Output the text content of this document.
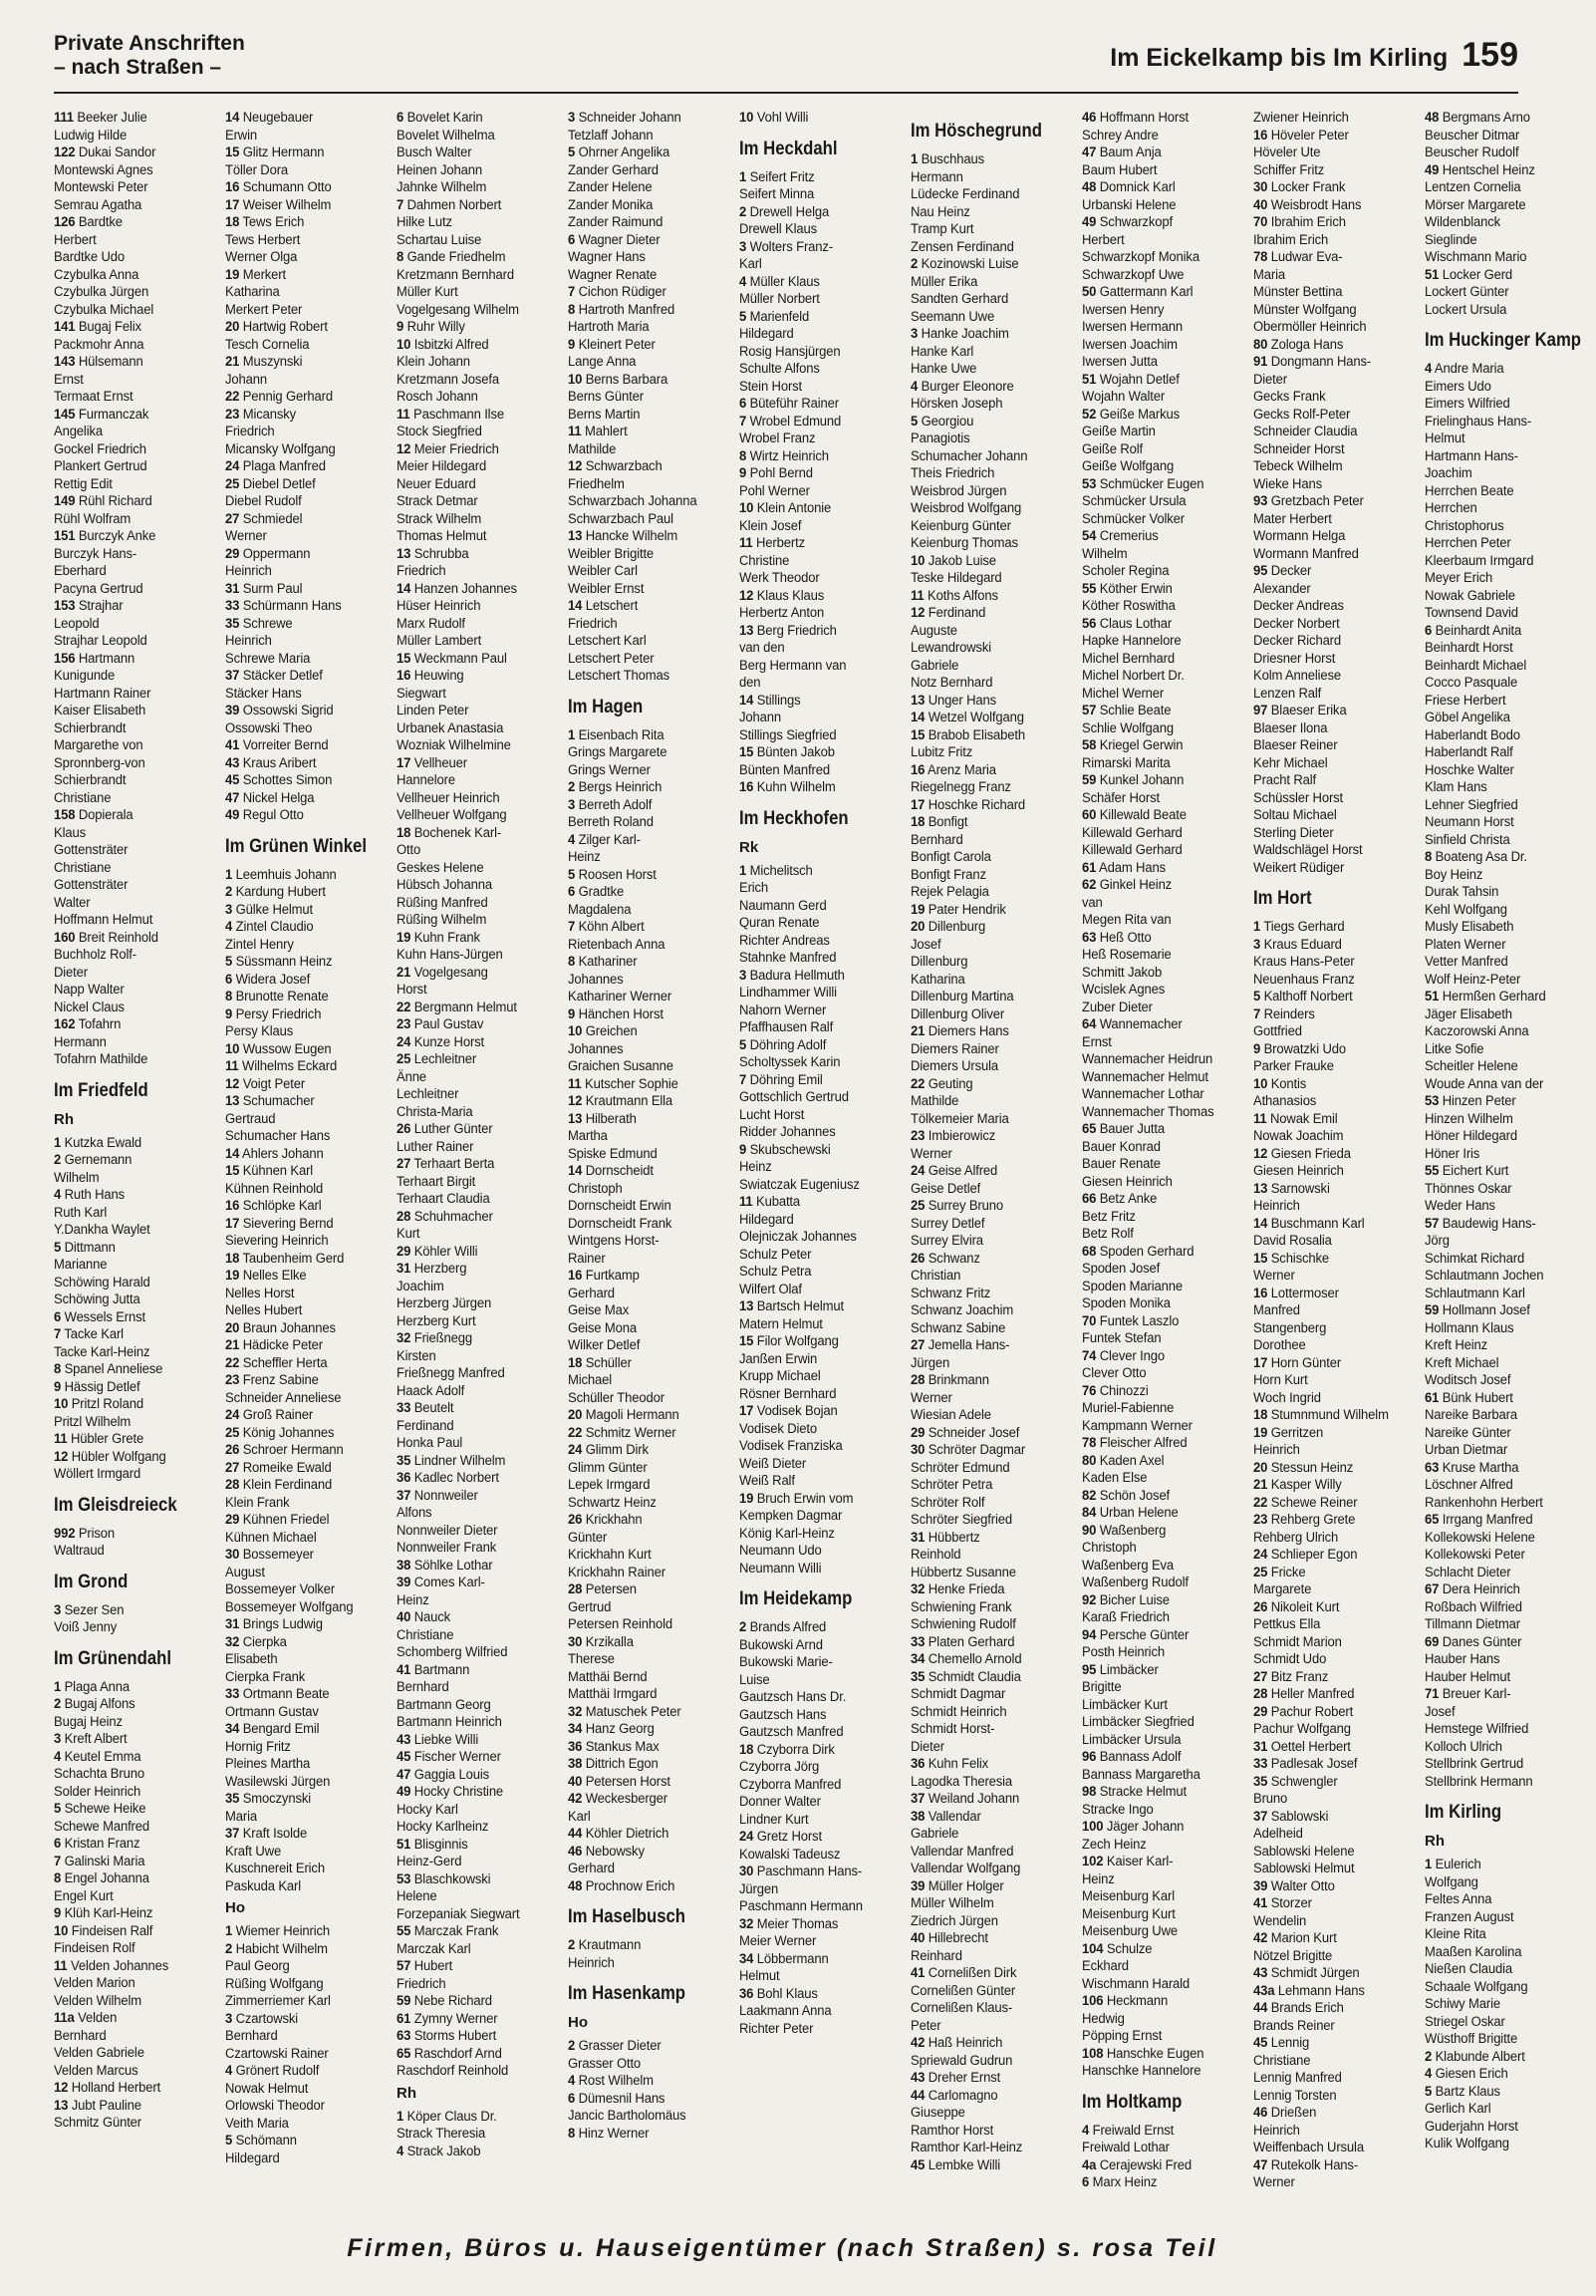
Private Anschriften
– nach Straßen –	Im Eickelkamp bis Im Kirling 159
111 Beeker Julie
Ludwig Hilde
122 Dukai Sandor
Montewski Agnes
Montewski Peter
Semrau Agatha
126 Bardtke
Herbert
Bardtke Udo
Czybulka Anna
Czybulka Jürgen
Czybulka Michael
141 Bugaj Felix
Packmohr Anna
143 Hülsemann
Ernst
Termaat Ernst
145 Furmanczak
Angelika
Gockel Friedrich
Plankert Gertrud
Rettig Edit
149 Rühl Richard
Rühl Wolfram
151 Burczyk Anke
Burczyk Hans-
Eberhard
Pacyna Gertrud
153 Strajhar
Leopold
Strajhar Leopold
156 Hartmann
Kunigunde
Hartmann Rainer
Kaiser Elisabeth
Schierbrandt
Margarethe von
Spronnberg-von
Schierbrandt
Christiane
158 Dopierala
Klaus
Gottensträter
Christiane
Gottensträter
Walter
Hoffmann Helmut
160 Breit Reinhold
Buchholz Rolf-
Dieter
Napp Walter
Nickel Claus
162 Tofahrn
Hermann
Tofahrn Mathilde
Im Friedfeld
Rh
1 Kutzka Ewald
2 Gernemann
Wilhelm
4 Ruth Hans
Ruth Karl
Y.Dankha Waylet
5 Dittmann
Marianne
Schöwing Harald
Schöwing Jutta
6 Wessels Ernst
7 Tacke Karl
Tacke Karl-Heinz
8 Spanel Anneliese
9 Hässig Detlef
10 Pritzl Roland
Pritzl Wilhelm
11 Hübler Grete
12 Hübler Wolfgang
Wöllert Irmgard
Im Gleisdreieck
992 Prison
Waltraud
Im Grond
3 Sezer Sen
Voiß Jenny
Im Grünendahl
1 Plaga Anna
2 Bugaj Alfons
Bugaj Heinz
3 Kreft Albert
4 Keutel Emma
Schachta Bruno
Solder Heinrich
5 Schewe Heike
Schewe Manfred
6 Kristan Franz
7 Galinski Maria
8 Engel Johanna
Engel Kurt
9 Klüh Karl-Heinz
10 Findeisen Ralf
Findeisen Rolf
11 Velden Johannes
Velden Marion
Velden Wilhelm
11a Velden
Bernhard
Velden Gabriele
Velden Marcus
12 Holland Herbert
13 Jubt Pauline
Schmitz Günter
14 Neugebauer
Erwin
15 Glitz Hermann
Töller Dora
16 Schumann Otto
17 Weiser Wilhelm
18 Tews Erich
Tews Herbert
Werner Olga
19 Merkert
Katharina
Merkert Peter
20 Hartwig Robert
Tesch Cornelia
21 Muszynski
Johann
22 Pennig Gerhard
23 Micansky
Friedrich
Micansky Wolfgang
24 Plaga Manfred
25 Diebel Detlef
Diebel Rudolf
27 Schmiedel
Werner
29 Oppermann
Heinrich
31 Surm Paul
33 Schürmann Hans
35 Schrewe
Heinrich
Schrewe Maria
37 Stäcker Detlef
Stäcker Hans
39 Ossowski Sigrid
Ossowski Theo
41 Vorreiter Bernd
43 Kraus Aribert
45 Schottes Simon
47 Nickel Helga
49 Regul Otto
Im Grünen Winkel
1 Leemhuis Johann
2 Kardung Hubert
3 Gülke Helmut
4 Zintel Claudio
Zintel Henry
5 Süssmann Heinz
6 Widera Josef
8 Brunotte Renate
9 Persy Friedrich
Persy Klaus
10 Wussow Eugen
11 Wilhelms Eckard
12 Voigt Peter
13 Schumacher
Gertraud
Schumacher Hans
14 Ahlers Johann
15 Kühnen Karl
Kühnen Reinhold
16 Schlöpke Karl
17 Sievering Bernd
Sievering Heinrich
18 Taubenheim Gerd
19 Nelles Elke
Nelles Horst
Nelles Hubert
20 Braun Johannes
21 Hädicke Peter
22 Scheffler Herta
23 Frenz Sabine
Schneider Anneliese
24 Groß Rainer
25 König Johannes
26 Schroer Hermann
27 Romeike Ewald
28 Klein Ferdinand
Klein Frank
29 Kühnen Friedel
Kühnen Michael
30 Bossemeyer
August
Bossemeyer Volker
Bossemeyer Wolfgang
31 Brings Ludwig
32 Cierpka
Elisabeth
Cierpka Frank
33 Ortmann Beate
Ortmann Gustav
34 Bengard Emil
Hornig Fritz
Pleines Martha
Wasilewski Jürgen
35 Smoczynski
Maria
37 Kraft Isolde
Kraft Uwe
Kuschnereit Erich
Paskuda Karl
Ho
1 Wiemer Heinrich
2 Habicht Wilhelm
Paul Georg
Rüßing Wolfgang
Zimmerriemer Karl
3 Czartowski
Bernhard
Czartowski Rainer
4 Grönert Rudolf
Nowak Helmut
Orlowski Theodor
Veith Maria
5 Schömann
Hildegard
6 Bovelet Karin
Bovelet Wilhelma
Busch Walter
Heinen Johann
Jahnke Wilhelm
7 Dahmen Norbert
Hilke Lutz
Schartau Luise
8 Gande Friedhelm
Kretzmann Bernhard
Müller Kurt
Vogelgesang Wilhelm
9 Ruhr Willy
10 Isbitzki Alfred
Klein Johann
Kretzmann Josefa
Rosch Johann
11 Paschmann Ilse
Stock Siegfried
12 Meier Friedrich
Meier Hildegard
Neuer Eduard
Strack Detmar
Strack Wilhelm
Thomas Helmut
13 Schrubba
Friedrich
14 Hanzen Johannes
Hüser Heinrich
Marx Rudolf
Müller Lambert
15 Weckmann Paul
16 Heuwing
Siegwart
Linden Peter
Urbanek Anastasia
Wozniak Wilhelmine
17 Vellheuer
Hannelore
Vellheuer Heinrich
Vellheuer Wolfgang
18 Bochenek Karl-
Otto
Geskes Helene
Hübsch Johanna
Rüßing Manfred
Rüßing Wilhelm
19 Kuhn Frank
Kuhn Hans-Jürgen
21 Vogelgesang
Horst
22 Bergmann Helmut
23 Paul Gustav
24 Kunze Horst
25 Lechleitner
Änne
Lechleitner
Christa-Maria
26 Luther Günter
Luther Rainer
27 Terhaart Berta
Terhaart Birgit
Terhaart Claudia
28 Schuhmacher
Kurt
29 Köhler Willi
31 Herzberg
Joachim
Herzberg Jürgen
Herzberg Kurt
32 Frießnegg
Kirsten
Frießnegg Manfred
Haack Adolf
33 Beutelt
Ferdinand
Honka Paul
35 Lindner Wilhelm
36 Kadlec Norbert
37 Nonnweiler
Alfons
Nonnweiler Dieter
Nonnweiler Frank
38 Söhlke Lothar
39 Comes Karl-
Heinz
40 Nauck
Christiane
Schomberg Wilfried
41 Bartmann
Bernhard
Bartmann Georg
Bartmann Heinrich
43 Liebke Willi
45 Fischer Werner
47 Gaggia Louis
49 Hocky Christine
Hocky Karl
Hocky Karlheinz
51 Blisginnis
Heinz-Gerd
53 Blaschkowski
Helene
Forzepaniak Siegwart
55 Marczak Frank
Marczak Karl
57 Hubert
Friedrich
59 Nebe Richard
61 Zymny Werner
63 Storms Hubert
65 Raschdorf Arnd
Raschdorf Reinhold
Rh
1 Köper Claus Dr.
Strack Theresia
4 Strack Jakob
3 Schneider Johann
Tetzlaff Johann
5 Ohrner Angelika
Zander Gerhard
Zander Helene
Zander Monika
Zander Raimund
6 Wagner Dieter
Wagner Hans
Wagner Renate
7 Cichon Rüdiger
8 Hartroth Manfred
Hartroth Maria
9 Kleinert Peter
Lange Anna
10 Berns Barbara
Berns Günter
Berns Martin
11 Mahlert
Mathilde
12 Schwarzbach
Friedhelm
Schwarzbach Johanna
Schwarzbach Paul
13 Hancke Wilhelm
Weibler Brigitte
Weibler Carl
Weibler Ernst
14 Letschert
Friedrich
Letschert Karl
Letschert Peter
Letschert Thomas
Im Hagen
1 Eisenbach Rita
Grings Margarete
Grings Werner
2 Bergs Heinrich
3 Berreth Adolf
Berreth Roland
4 Zilger Karl-
Heinz
5 Roosen Horst
6 Gradtke
Magdalena
7 Köhn Albert
Rietenbach Anna
8 Kathariner
Johannes
Kathariner Werner
9 Hänchen Horst
10 Greichen
Johannes
Graichen Susanne
11 Kutscher Sophie
12 Krautmann Ella
13 Hilberath
Martha
Spiske Edmund
14 Dornscheidt
Christoph
Dornscheidt Erwin
Dornscheidt Frank
Wintgens Horst-
Rainer
16 Furtkamp
Gerhard
Geise Max
Geise Mona
Wilker Detlef
18 Schüller
Michael
Schüller Theodor
20 Magoli Hermann
22 Schmitz Werner
24 Glimm Dirk
Glimm Günter
Lepek Irmgard
Schwartz Heinz
26 Krickhahn
Günter
Krickhahn Kurt
Krickhahn Rainer
28 Petersen
Gertrud
Petersen Reinhold
30 Krzikalla
Therese
Matthäi Bernd
Matthäi Irmgard
32 Matuschek Peter
34 Hanz Georg
36 Stankus Max
38 Dittrich Egon
40 Petersen Horst
42 Weckesberger
Karl
44 Köhler Dietrich
46 Nebowsky
Gerhard
48 Prochnow Erich
Im Haselbusch
2 Krautmann
Heinrich
Im Hasenkamp
Ho
2 Grasser Dieter
Grasser Otto
4 Rost Wilhelm
6 Dümesnil Hans
Jancic Bartholomäus
8 Hinz Werner
10 Vohl Willi
Im Heckdahl
1 Seifert Fritz
Seifert Minna
2 Drewell Helga
Drewell Klaus
3 Wolters Franz-
Karl
4 Müller Klaus
Müller Norbert
5 Marienfeld
Hildegard
Rosig Hansjürgen
Schulte Alfons
Stein Horst
6 Büteführ Rainer
7 Wrobel Edmund
Wrobel Franz
8 Wirtz Heinrich
9 Pohl Bernd
Pohl Werner
10 Klein Antonie
Klein Josef
11 Herbertz
Christine
Werk Theodor
12 Klaus Klaus
Herbertz Anton
13 Berg Friedrich
van den
Berg Hermann van
den
14 Stillings
Johann
Stillings Siegfried
15 Bünten Jakob
Bünten Manfred
16 Kuhn Wilhelm
Im Heckhofen
Rk
1 Michelitsch
Erich
Naumann Gerd
Quran Renate
Richter Andreas
Stahnke Manfred
3 Badura Hellmuth
Lindhammer Willi
Nahorn Werner
Pfaffhausen Ralf
5 Döhring Adolf
Scholtyssek Karin
7 Döhring Emil
Gottschlich Gertrud
Lucht Horst
Ridder Johannes
9 Skubschewski
Heinz
Swiatczak Eugeniusz
11 Kubatta
Hildegard
Olejniczak Johannes
Schulz Peter
Schulz Petra
Wilfert Olaf
13 Bartsch Helmut
Matern Helmut
15 Filor Wolfgang
Janßen Erwin
Krupp Michael
Rösner Bernhard
17 Vodisek Bojan
Vodisek Dieto
Vodisek Franziska
Weiß Dieter
Weiß Ralf
19 Bruch Erwin vom
Kempken Dagmar
König Karl-Heinz
Neumann Udo
Neumann Willi
Im Heidekamp
2 Brands Alfred
Bukowski Arnd
Bukowski Marie-
Luise
Gautzsch Hans Dr.
Gautzsch Hans
Gautzsch Manfred
18 Czyborra Dirk
Czyborra Jörg
Czyborra Manfred
Donner Walter
Lindner Kurt
24 Gretz Horst
Kowalski Tadeusz
30 Paschmann Hans-
Jürgen
Paschmann Hermann
32 Meier Thomas
Meier Werner
34 Löbbermann
Helmut
36 Bohl Klaus
Laakmann Anna
Richter Peter
Im Höschegrund
1 Buschhaus
Hermann
Lüdecke Ferdinand
Nau Heinz
Tramp Kurt
Zensen Ferdinand
2 Kozinowski Luise
Müller Erika
Sandten Gerhard
Seemann Uwe
3 Hanke Joachim
Hanke Karl
Hanke Uwe
4 Burger Eleonore
Hörsken Joseph
5 Georgiou
Panagiotis
Schumacher Johann
Theis Friedrich
Weisbrod Jürgen
Weisbrod Wolfgang
Keienburg Günter
Keienburg Thomas
10 Jakob Luise
Teske Hildegard
11 Koths Alfons
12 Ferdinand
Auguste
Lewandrowski
Gabriele
Notz Bernhard
13 Unger Hans
14 Wetzel Wolfgang
15 Brabob Elisabeth
Lubitz Fritz
16 Arenz Maria
Riegelnegg Franz
17 Hoschke Richard
18 Bonfigt
Bernhard
Bonfigt Carola
Bonfigt Franz
Rejek Pelagia
19 Pater Hendrik
20 Dillenburg
Josef
Dillenburg
Katharina
Dillenburg Martina
Dillenburg Oliver
21 Diemers Hans
Diemers Rainer
Diemers Ursula
22 Geuting
Mathilde
Tölkemeier Maria
23 Imbierowicz
Werner
24 Geise Alfred
Geise Detlef
25 Surrey Bruno
Surrey Detlef
Surrey Elvira
26 Schwanz
Christian
Schwanz Fritz
Schwanz Joachim
Schwanz Sabine
27 Jemella Hans-
Jürgen
28 Brinkmann
Werner
Wiesian Adele
29 Schneider Josef
30 Schröter Dagmar
Schröter Edmund
Schröter Petra
Schröter Rolf
Schröter Siegfried
31 Hübbertz
Reinhold
Hübbertz Susanne
32 Henke Frieda
Schwiening Frank
Schwiening Rudolf
33 Platen Gerhard
34 Chemello Arnold
35 Schmidt Claudia
Schmidt Dagmar
Schmidt Heinrich
Schmidt Horst-
Dieter
36 Kuhn Felix
Lagodka Theresia
37 Weiland Johann
38 Vallendar
Gabriele
Vallendar Manfred
Vallendar Wolfgang
39 Müller Holger
Müller Wilhelm
Ziedrich Jürgen
40 Hillebrecht
Reinhard
41 Cornelißen Dirk
Cornelißen Günter
Cornelißen Klaus-
Peter
42 Haß Heinrich
Spriewald Gudrun
43 Dreher Ernst
44 Carlomagno
Giuseppe
Ramthor Horst
Ramthor Karl-Heinz
45 Lembke Willi
46 Hoffmann Horst
Schrey Andre
47 Baum Anja
Baum Hubert
48 Domnick Karl
Urbanski Helene
49 Schwarzkopf
Herbert
Schwarzkopf Monika
Schwarzkopf Uwe
50 Gattermann Karl
Iwersen Henry
Iwersen Hermann
Iwersen Joachim
Iwersen Jutta
51 Wojahn Detlef
Wojahn Walter
52 Geiße Markus
Geiße Martin
Geiße Rolf
Geiße Wolfgang
53 Schmücker Eugen
Schmücker Ursula
Schmücker Volker
54 Cremerius
Wilhelm
Scholer Regina
55 Köther Erwin
Köther Roswitha
56 Claus Lothar
Hapke Hannelore
Michel Bernhard
Michel Norbert Dr.
Michel Werner
57 Schlie Beate
Schlie Wolfgang
58 Kriegel Gerwin
Rimarski Marita
59 Kunkel Johann
Schäfer Horst
60 Killewald Beate
Killewald Gerhard
Killewald Gerhard
61 Adam Hans
62 Ginkel Heinz
van
Megen Rita van
63 Heß Otto
Heß Rosemarie
Schmitt Jakob
Wcislek Agnes
Zuber Dieter
64 Wannemacher
Ernst
Wannemacher Heidrun
Wannemacher Helmut
Wannemacher Lothar
Wannemacher Thomas
65 Bauer Jutta
Bauer Konrad
Bauer Renate
Giesen Heinrich
66 Betz Anke
Betz Fritz
Betz Rolf
68 Spoden Gerhard
Spoden Josef
Spoden Marianne
Spoden Monika
70 Funtek Laszlo
Funtek Stefan
74 Clever Ingo
Clever Otto
76 Chinozzi
Muriel-Fabienne
Kampmann Werner
78 Fleischer Alfred
80 Kaden Axel
Kaden Else
82 Schön Josef
84 Urban Helene
90 Waßenberg
Christoph
Waßenberg Eva
Waßenberg Rudolf
92 Bicher Luise
Karaß Friedrich
94 Persche Günter
Posth Heinrich
95 Limbäcker
Brigitte
Limbäcker Kurt
Limbäcker Siegfried
Limbäcker Ursula
96 Bannass Adolf
Bannass Margaretha
98 Stracke Helmut
Stracke Ingo
100 Jäger Johann
Zech Heinz
102 Kaiser Karl-
Heinz
Meisenburg Karl
Meisenburg Kurt
Meisenburg Uwe
104 Schulze
Eckhard
Wischmann Harald
106 Heckmann
Hedwig
Pöpping Ernst
108 Hanschke Eugen
Hanschke Hannelore
Im Holtkamp
4 Freiwald Ernst
Freiwald Lothar
4a Cerajewski Fred
6 Marx Heinz
Zwiener Heinrich
16 Höveler Peter
Höveler Ute
Schiffer Fritz
30 Locker Frank
40 Weisbrodt Hans
70 Ibrahim Erich
Ibrahim Erich
78 Ludwar Eva-
Maria
Münster Bettina
Münster Wolfgang
Obermöller Heinrich
80 Zologa Hans
91 Dongmann Hans-
Dieter
Gecks Frank
Gecks Rolf-Peter
Schneider Claudia
Schneider Horst
Tebeck Wilhelm
Wieke Hans
93 Gretzbach Peter
Mater Herbert
Wormann Helga
Wormann Manfred
95 Decker
Alexander
Decker Andreas
Decker Norbert
Decker Richard
Driesner Horst
Kolm Anneliese
Lenzen Ralf
97 Blaeser Erika
Blaeser Ilona
Blaeser Reiner
Kehr Michael
Pracht Ralf
Schüssler Horst
Soltau Michael
Sterling Dieter
Waldschlägel Horst
Weikert Rüdiger
Im Hort
1 Tiegs Gerhard
3 Kraus Eduard
Kraus Hans-Peter
Neuenhaus Franz
5 Kalthoff Norbert
7 Reinders
Gottfried
9 Browatzki Udo
Parker Frauke
10 Kontis
Athanasios
11 Nowak Emil
Nowak Joachim
12 Giesen Frieda
Giesen Heinrich
13 Sarnowski
Heinrich
14 Buschmann Karl
David Rosalia
15 Schischke
Werner
16 Lottermoser
Manfred
Stangenberg
Dorothee
17 Horn Günter
Horn Kurt
Woch Ingrid
18 Stumnmund Wilhelm
19 Gerritzen
Heinrich
20 Stessun Heinz
21 Kasper Willy
22 Schewe Reiner
23 Rehberg Grete
Rehberg Ulrich
24 Schlieper Egon
25 Fricke
Margarete
26 Nikoleit Kurt
Pettkus Ella
Schmidt Marion
Schmidt Udo
27 Bitz Franz
28 Heller Manfred
29 Pachur Robert
Pachur Wolfgang
31 Oettel Herbert
33 Padlesak Josef
35 Schwengler
Bruno
37 Sablowski
Adelheid
Sablowski Helene
Sablowski Helmut
39 Walter Otto
41 Storzer
Wendelin
42 Marion Kurt
Nötzel Brigitte
43 Schmidt Jürgen
43a Lehmann Hans
44 Brands Erich
Brands Reiner
45 Lennig
Christiane
Lennig Manfred
Lennig Torsten
46 Drießen
Heinrich
Weiffenbach Ursula
47 Rutekolk Hans-
Werner
48 Bergmans Arno
Beuscher Ditmar
Beuscher Rudolf
49 Hentschel Heinz
Lentzen Cornelia
Mörser Margarete
Wildenblanck
Sieglinde
Wischmann Mario
51 Locker Gerd
Lockert Günter
Lockert Ursula
Im Huckinger Kamp
4 Andre Maria
Eimers Udo
Eimers Wilfried
Frielinghaus Hans-
Helmut
Hartmann Hans-
Joachim
Herrchen Beate
Herrchen
Christophorus
Herrchen Peter
Kleerbaum Irmgard
Meyer Erich
Nowak Gabriele
Townsend David
6 Beinhardt Anita
Beinhardt Horst
Beinhardt Michael
Cocco Pasquale
Friese Herbert
Göbel Angelika
Haberlandt Bodo
Haberlandt Ralf
Hoschke Walter
Klam Hans
Lehner Siegfried
Neumann Horst
Sinfield Christa
8 Boateng Asa Dr.
Boy Heinz
Durak Tahsin
Kehl Wolfgang
Musly Elisabeth
Platen Werner
Vetter Manfred
Wolf Heinz-Peter
51 Hermßen Gerhard
Jäger Elisabeth
Kaczorowski Anna
Litke Sofie
Scheitler Helene
Woude Anna van der
53 Hinzen Peter
Hinzen Wilhelm
Höner Hildegard
Höner Iris
55 Eichert Kurt
Thönnes Oskar
Weder Hans
57 Baudewig Hans-
Jörg
Schimkat Richard
Schlautmann Jochen
Schlautmann Karl
59 Hollmann Josef
Hollmann Klaus
Kreft Heinz
Kreft Michael
Woditsch Josef
61 Bünk Hubert
Nareike Barbara
Nareike Günter
Urban Dietmar
63 Kruse Martha
Löschner Alfred
Rankenhohn Herbert
65 Irrgang Manfred
Kollekowski Helene
Kollekowski Peter
Schlacht Dieter
67 Dera Heinrich
Roßbach Wilfried
Tillmann Dietmar
69 Danes Günter
Hauber Hans
Hauber Helmut
71 Breuer Karl-
Josef
Hemstege Wilfried
Kolloch Ulrich
Stellbrink Gertrud
Stellbrink Hermann
Im Kirling
Rh
1 Eulerich
Wolfgang
Feltes Anna
Franzen August
Kleine Rita
Maaßen Karolina
Nießen Claudia
Schaale Wolfgang
Schiwy Marie
Striegel Oskar
Wüsthoff Brigitte
2 Klabunde Albert
4 Giesen Erich
5 Bartz Klaus
Gerlich Karl
Guderjahn Horst
Kulik Wolfgang
Firmen, Büros u. Hauseigentümer (nach Straßen) s. rosa Teil
